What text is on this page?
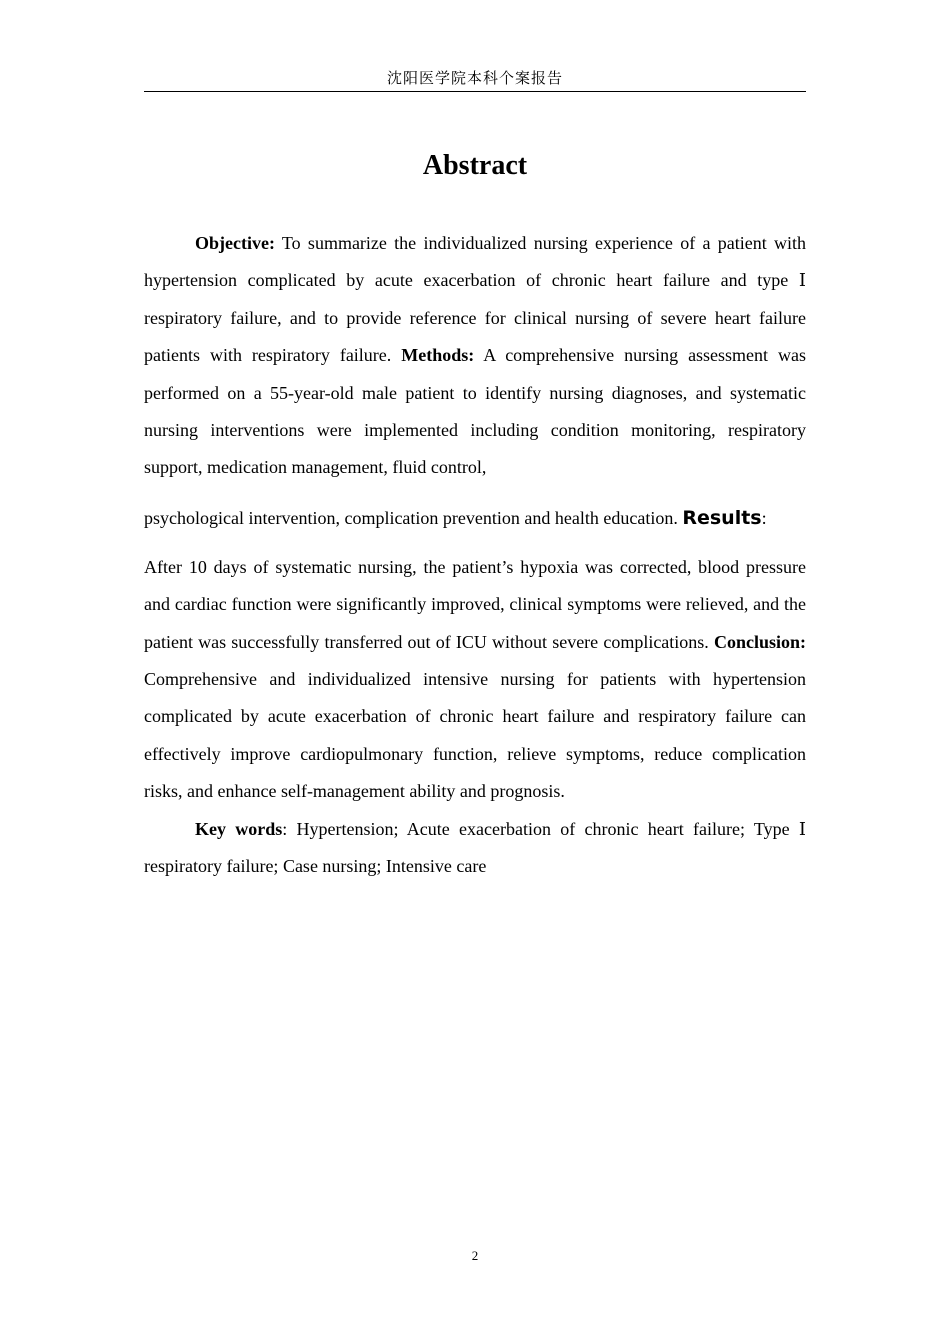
沈阳医学院本科个案报告
Abstract

Objective: To summarize the individualized nursing experience of a patient with hypertension complicated by acute exacerbation of chronic heart failure and type Ⅰ respiratory failure, and to provide reference for clinical nursing of severe heart failure patients with respiratory failure. Methods: A comprehensive nursing assessment was performed on a 55-year-old male patient to identify nursing diagnoses, and systematic nursing interventions were implemented including condition monitoring, respiratory support, medication management, fluid control,

psychological intervention, complication prevention and health education. Results:

After 10 days of systematic nursing, the patient’s hypoxia was corrected, blood pressure and cardiac function were significantly improved, clinical symptoms were relieved, and the patient was successfully transferred out of ICU without severe complications. Conclusion: Comprehensive and individualized intensive nursing for patients with hypertension complicated by acute exacerbation of chronic heart failure and respiratory failure can effectively improve cardiopulmonary function, relieve symptoms, reduce complication risks, and enhance self-management ability and prognosis.

Key words: Hypertension; Acute exacerbation of chronic heart failure; Type Ⅰ respiratory failure; Case nursing; Intensive care

2
